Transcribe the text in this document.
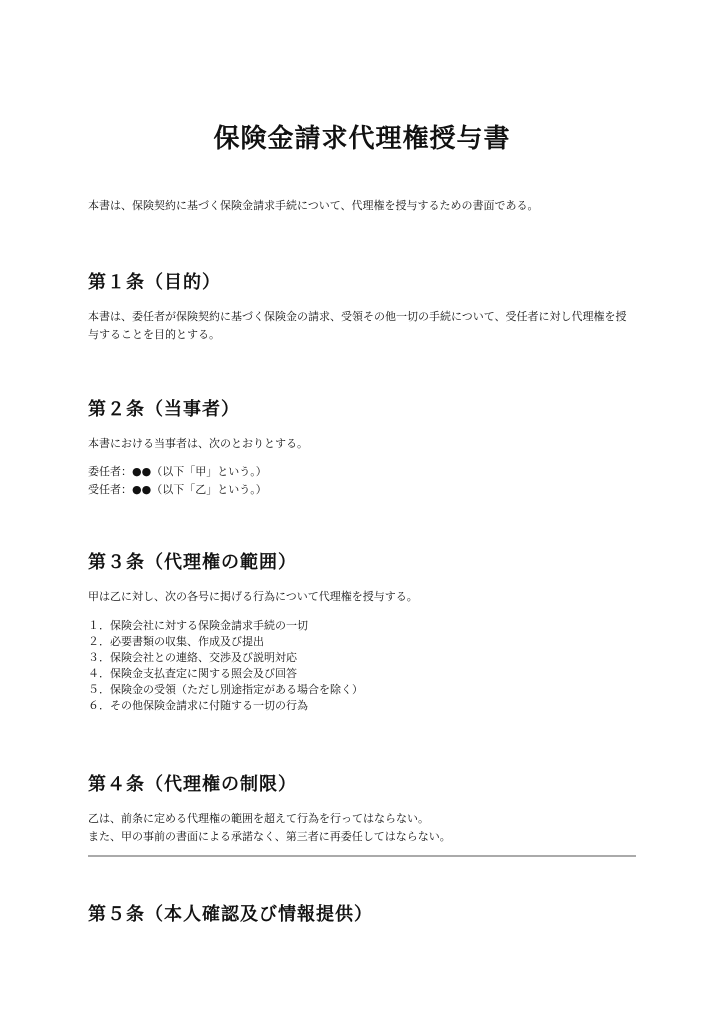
保険金請求代理権授与書

本書は、保険契約に基づく保険金請求手続について、代理権を授与するための書面である。

第１条（目的）

本書は、委任者が保険契約に基づく保険金の請求、受領その他一切の手続について、受任者に対し代理権を授与することを目的とする。

第２条（当事者）

本書における当事者は、次のとおりとする。

委任者：●●（以下「甲」という。）

受任者：●●（以下「乙」という。）

第３条（代理権の範囲）

甲は乙に対し、次の各号に掲げる行為について代理権を授与する。

１．保険会社に対する保険金請求手続の一切
２．必要書類の収集、作成及び提出
３．保険会社との連絡、交渉及び説明対応
４．保険金支払査定に関する照会及び回答
５．保険金の受領（ただし別途指定がある場合を除く）
６．その他保険金請求に付随する一切の行為
第４条（代理権の制限）

乙は、前条に定める代理権の範囲を超えて行為を行ってはならない。

また、甲の事前の書面による承諾なく、第三者に再委任してはならない。

第５条（本人確認及び情報提供）
